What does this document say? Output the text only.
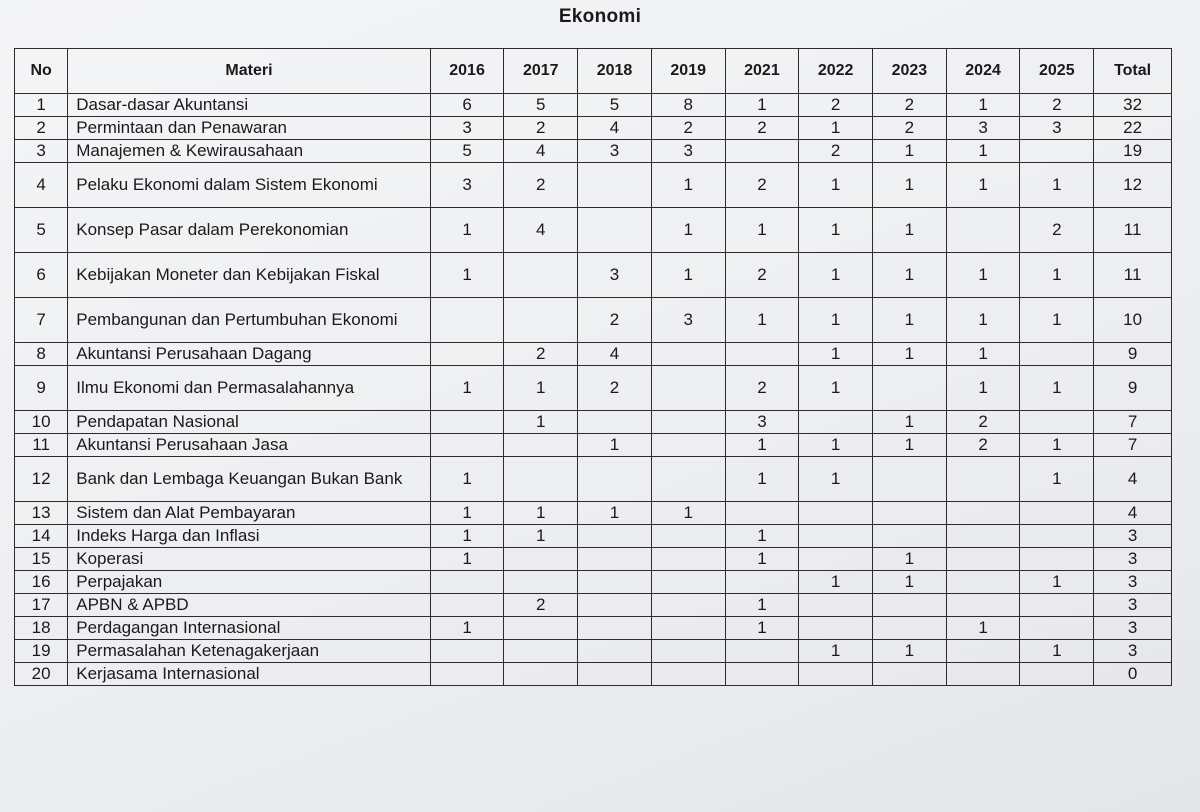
Ekonomi
No	Materi	2016	2017	2018	2019	2021	2022	2023	2024	2025	Total
1	Dasar-dasar Akuntansi	6	5	5	8	1	2	2	1	2	32
2	Permintaan dan Penawaran	3	2	4	2	2	1	2	3	3	22
3	Manajemen & Kewirausahaan	5	4	3	3		2	1	1		19
4	Pelaku Ekonomi dalam Sistem Ekonomi	3	2		1	2	1	1	1	1	12
5	Konsep Pasar dalam Perekonomian	1	4		1	1	1	1		2	11
6	Kebijakan Moneter dan Kebijakan Fiskal	1		3	1	2	1	1	1	1	11
7	Pembangunan dan Pertumbuhan Ekonomi			2	3	1	1	1	1	1	10
8	Akuntansi Perusahaan Dagang		2	4			1	1	1		9
9	Ilmu Ekonomi dan Permasalahannya	1	1	2		2	1		1	1	9
10	Pendapatan Nasional		1			3		1	2		7
11	Akuntansi Perusahaan Jasa			1		1	1	1	2	1	7
12	Bank dan Lembaga Keuangan Bukan Bank	1				1	1			1	4
13	Sistem dan Alat Pembayaran	1	1	1	1						4
14	Indeks Harga dan Inflasi	1	1			1					3
15	Koperasi	1				1		1			3
16	Perpajakan						1	1		1	3
17	APBN & APBD		2			1					3
18	Perdagangan Internasional	1				1			1		3
19	Permasalahan Ketenagakerjaan						1	1		1	3
20	Kerjasama Internasional										0
